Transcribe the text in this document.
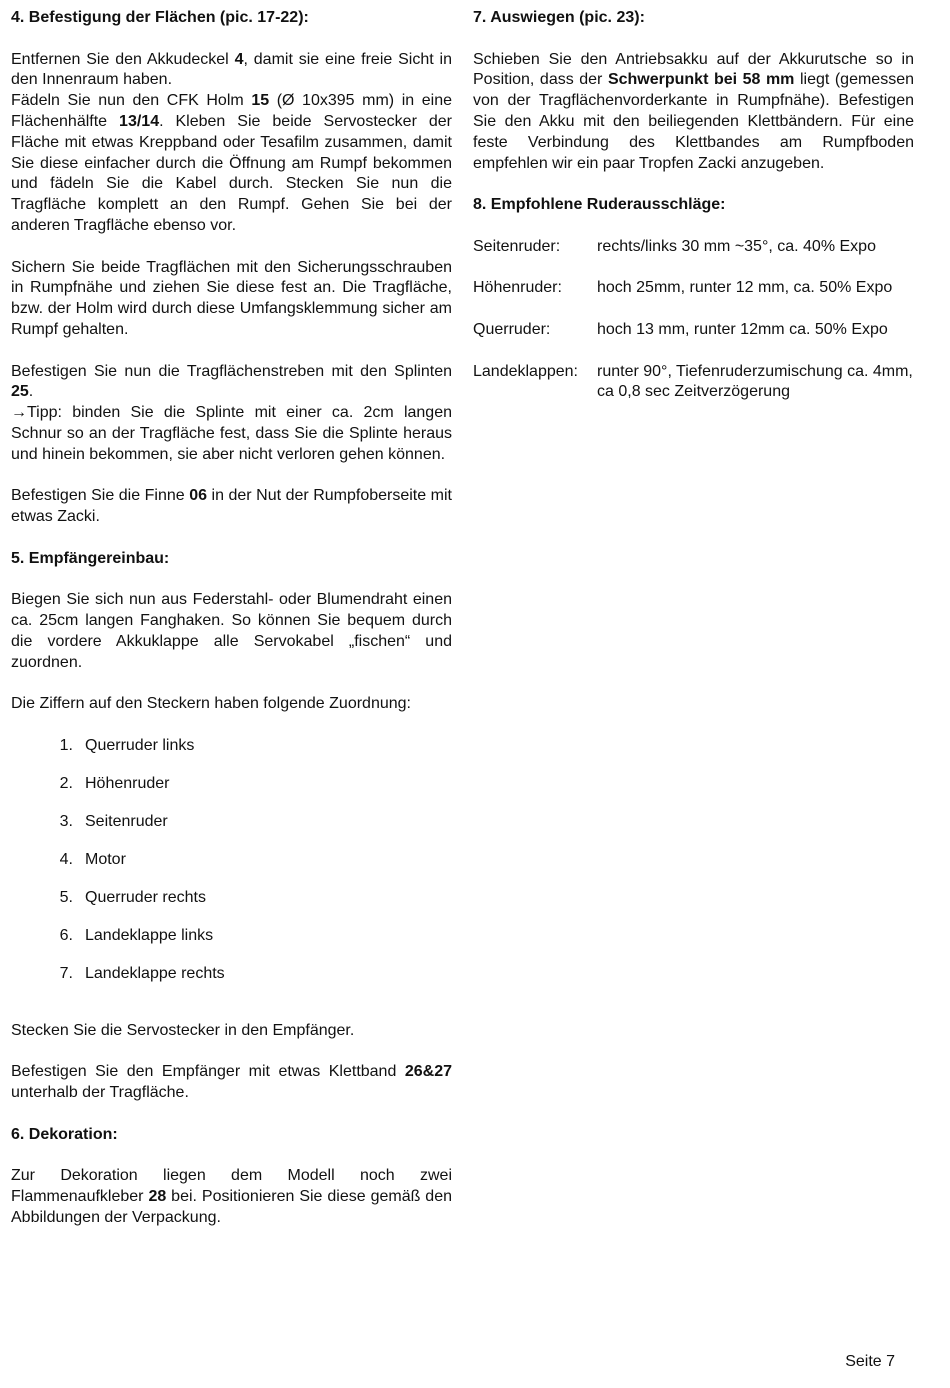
4. Befestigung der Flächen (pic. 17-22):
Entfernen Sie den Akkudeckel 4, damit sie eine freie Sicht in den Innenraum haben.
Fädeln Sie nun den CFK Holm 15 (Ø 10x395 mm) in eine Flächenhälfte 13/14. Kleben Sie beide Servostecker der Fläche mit etwas Kreppband oder Tesafilm zusammen, damit Sie diese einfacher durch die Öffnung am Rumpf bekommen und fädeln Sie die Kabel durch. Stecken Sie nun die Tragfläche komplett an den Rumpf. Gehen Sie bei der anderen Tragfläche ebenso vor.
Sichern Sie beide Tragflächen mit den Sicherungsschrauben in Rumpfnähe und ziehen Sie diese fest an. Die Tragfläche, bzw. der Holm wird durch diese Umfangsklemmung sicher am Rumpf gehalten.
Befestigen Sie nun die Tragflächenstreben mit den Splinten 25.
→Tipp: binden Sie die Splinte mit einer ca. 2cm langen Schnur so an der Tragfläche fest, dass Sie die Splinte heraus und hinein bekommen, sie aber nicht verloren gehen können.
Befestigen Sie die Finne 06 in der Nut der Rumpfoberseite mit etwas Zacki.
5. Empfängereinbau:
Biegen Sie sich nun aus Federstahl- oder Blumendraht einen ca. 25cm langen Fanghaken. So können Sie bequem durch die vordere Akkuklappe alle Servokabel „fischen“ und zuordnen.
Die Ziffern auf den Steckern haben folgende Zuordnung:
1. Querruder links
2. Höhenruder
3. Seitenruder
4. Motor
5. Querruder rechts
6. Landeklappe links
7. Landeklappe rechts
Stecken Sie die Servostecker in den Empfänger.
Befestigen Sie den Empfänger mit etwas Klettband 26&27 unterhalb der Tragfläche.
6. Dekoration:
Zur Dekoration liegen dem Modell noch zwei Flammenaufkleber 28 bei. Positionieren Sie diese gemäß den Abbildungen der Verpackung.
7. Auswiegen (pic. 23):
Schieben Sie den Antriebsakku auf der Akkurutsche so in Position, dass der Schwerpunkt bei 58 mm liegt (gemessen von der Tragflächenvorderkante in Rumpfnähe). Befestigen Sie den Akku mit den beiliegenden Klettbändern. Für eine feste Verbindung des Klettbandes am Rumpfboden empfehlen wir ein paar Tropfen Zacki anzugeben.
8. Empfohlene Ruderausschläge:
Seitenruder:	rechts/links 30 mm ~35°, ca. 40% Expo
Höhenruder:	hoch 25mm, runter 12 mm, ca. 50% Expo
Querruder:	hoch 13 mm, runter 12mm ca. 50% Expo
Landeklappen:	runter 90°, Tiefenruderzumischung ca. 4mm, ca 0,8 sec Zeitverzögerung
Seite 7
